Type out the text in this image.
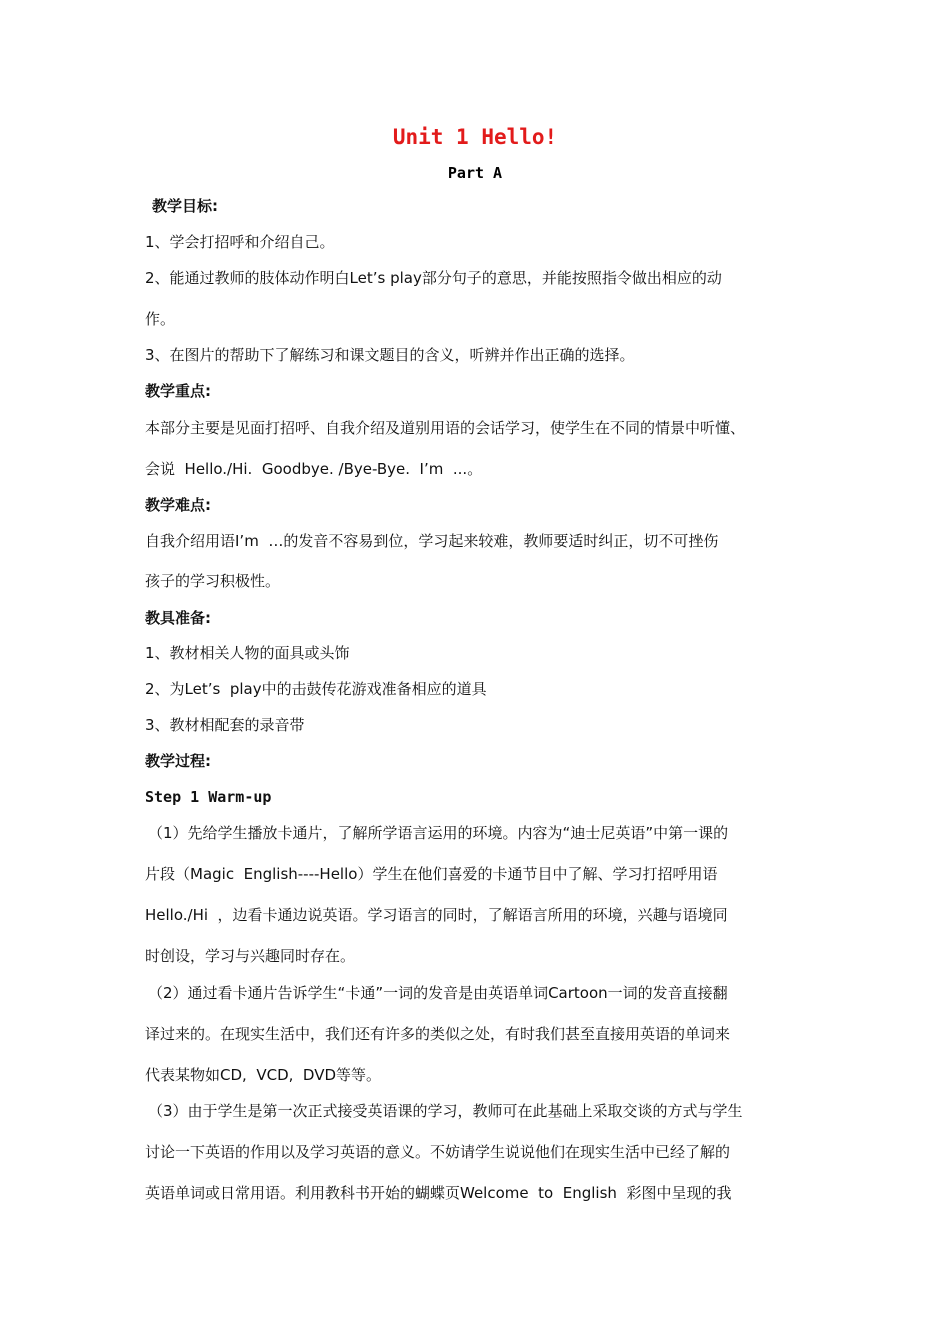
Unit 1 Hello!
Part A
教学目标:
1、学会打招呼和介绍自己。
2、能通过教师的肢体动作明白Let’s play部分句子的意思，并能按照指令做出相应的动
作。
3、在图片的帮助下了解练习和课文题目的含义，听辨并作出正确的选择。
教学重点:
本部分主要是见面打招呼、自我介绍及道别用语的会话学习，使学生在不同的情景中听懂、
会说  Hello./Hi.  Goodbye. /Bye-Bye.  I’m  ...。
教学难点:
自我介绍用语I’m  …的发音不容易到位，学习起来较难，教师要适时纠正，切不可挫伤
孩子的学习积极性。
教具准备:
1、教材相关人物的面具或头饰
2、为Let’s  play中的击鼓传花游戏准备相应的道具
3、教材相配套的录音带
教学过程:
Step 1 Warm-up
（1）先给学生播放卡通片，了解所学语言运用的环境。内容为“迪士尼英语”中第一课的
片段（Magic  English----Hello）学生在他们喜爱的卡通节目中了解、学习打招呼用语
Hello./Hi  ，边看卡通边说英语。学习语言的同时，了解语言所用的环境，兴趣与语境同
时创设，学习与兴趣同时存在。
（2）通过看卡通片告诉学生“卡通”一词的发音是由英语单词Cartoon一词的发音直接翻
译过来的。在现实生活中，我们还有许多的类似之处，有时我们甚至直接用英语的单词来
代表某物如CD,  VCD,  DVD等等。
（3）由于学生是第一次正式接受英语课的学习，教师可在此基础上采取交谈的方式与学生
讨论一下英语的作用以及学习英语的意义。不妨请学生说说他们在现实生活中已经了解的
英语单词或日常用语。利用教科书开始的蝴蝶页Welcome  to  English  彩图中呈现的我
